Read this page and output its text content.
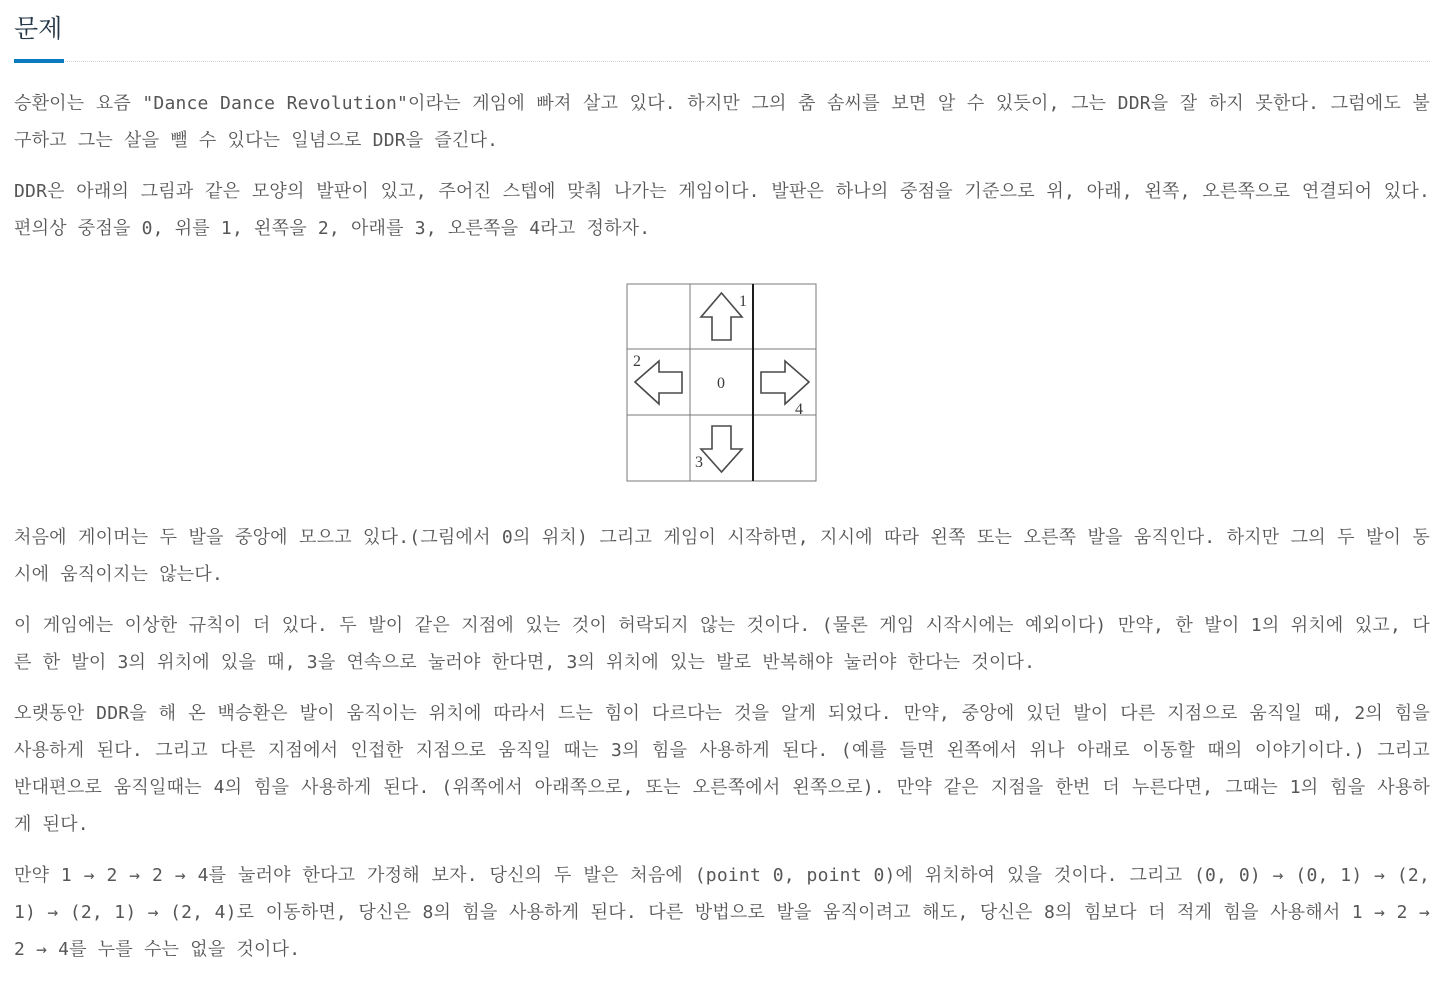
문제

승환이는 요즘 "Dance Dance Revolution"이라는 게임에 빠져 살고 있다. 하지만 그의 춤 솜씨를 보면 알 수 있듯이, 그는 DDR을 잘 하지 못한다. 그럼에도 불구하고 그는 살을 뺄 수 있다는 일념으로 DDR을 즐긴다.

DDR은 아래의 그림과 같은 모양의 발판이 있고, 주어진 스텝에 맞춰 나가는 게임이다. 발판은 하나의 중점을 기준으로 위, 아래, 왼쪽, 오른쪽으로 연결되어 있다. 편의상 중점을 0, 위를 1, 왼쪽을 2, 아래를 3, 오른쪽을 4라고 정하자.

1
2
0
4
3

처음에 게이머는 두 발을 중앙에 모으고 있다.(그림에서 0의 위치) 그리고 게임이 시작하면, 지시에 따라 왼쪽 또는 오른쪽 발을 움직인다. 하지만 그의 두 발이 동시에 움직이지는 않는다.

이 게임에는 이상한 규칙이 더 있다. 두 발이 같은 지점에 있는 것이 허락되지 않는 것이다. (물론 게임 시작시에는 예외이다) 만약, 한 발이 1의 위치에 있고, 다른 한 발이 3의 위치에 있을 때, 3을 연속으로 눌러야 한다면, 3의 위치에 있는 발로 반복해야 눌러야 한다는 것이다.

오랫동안 DDR을 해 온 백승환은 발이 움직이는 위치에 따라서 드는 힘이 다르다는 것을 알게 되었다. 만약, 중앙에 있던 발이 다른 지점으로 움직일 때, 2의 힘을 사용하게 된다. 그리고 다른 지점에서 인접한 지점으로 움직일 때는 3의 힘을 사용하게 된다. (예를 들면 왼쪽에서 위나 아래로 이동할 때의 이야기이다.) 그리고 반대편으로 움직일때는 4의 힘을 사용하게 된다. (위쪽에서 아래쪽으로, 또는 오른쪽에서 왼쪽으로). 만약 같은 지점을 한번 더 누른다면, 그때는 1의 힘을 사용하게 된다.

만약 1 → 2 → 2 → 4를 눌러야 한다고 가정해 보자. 당신의 두 발은 처음에 (point 0, point 0)에 위치하여 있을 것이다. 그리고 (0, 0) → (0, 1) → (2, 1) → (2, 1) → (2, 4)로 이동하면, 당신은 8의 힘을 사용하게 된다. 다른 방법으로 발을 움직이려고 해도, 당신은 8의 힘보다 더 적게 힘을 사용해서 1 → 2 → 2 → 4를 누를 수는 없을 것이다.
